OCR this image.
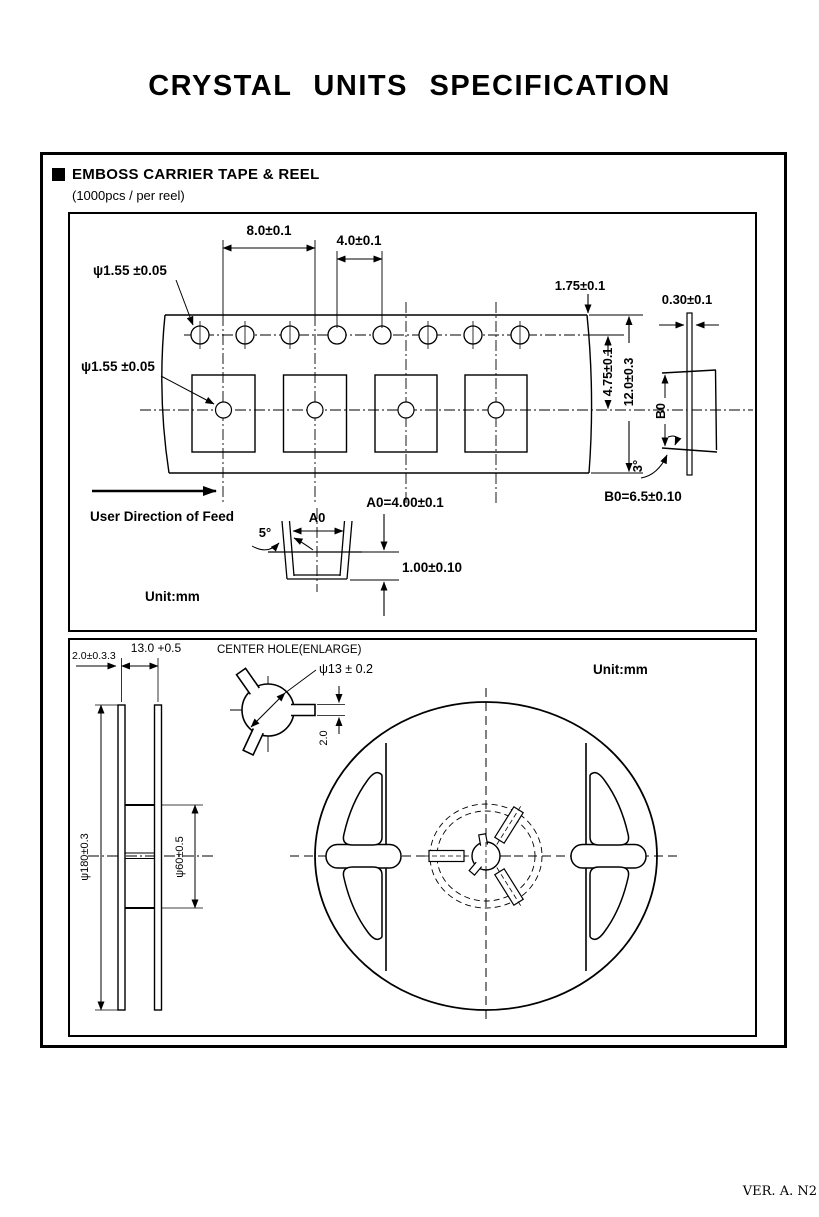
CRYSTAL UNITS SPECIFICATION
EMBOSS CARRIER TAPE & REEL
(1000pcs / per reel)
8.0±0.1
4.0±0.1
ψ1.55 ±0.05
ψ1.55 ±0.05
1.75±0.1
4.75±0.1 12.0±0.3
0.30±0.1
B0
3°
B0=6.5±0.10
User Direction of Feed	A0
A0=4.00±0.1
5°
1.00±0.10
Unit:mm
2.0±0.3.3
13.0 +0.5
ψ180±0.3	ψ60±0.5
CENTER HOLE(ENLARGE)
ψ13 ± 0.2
2.0
Unit:mm
VER. A. N2
